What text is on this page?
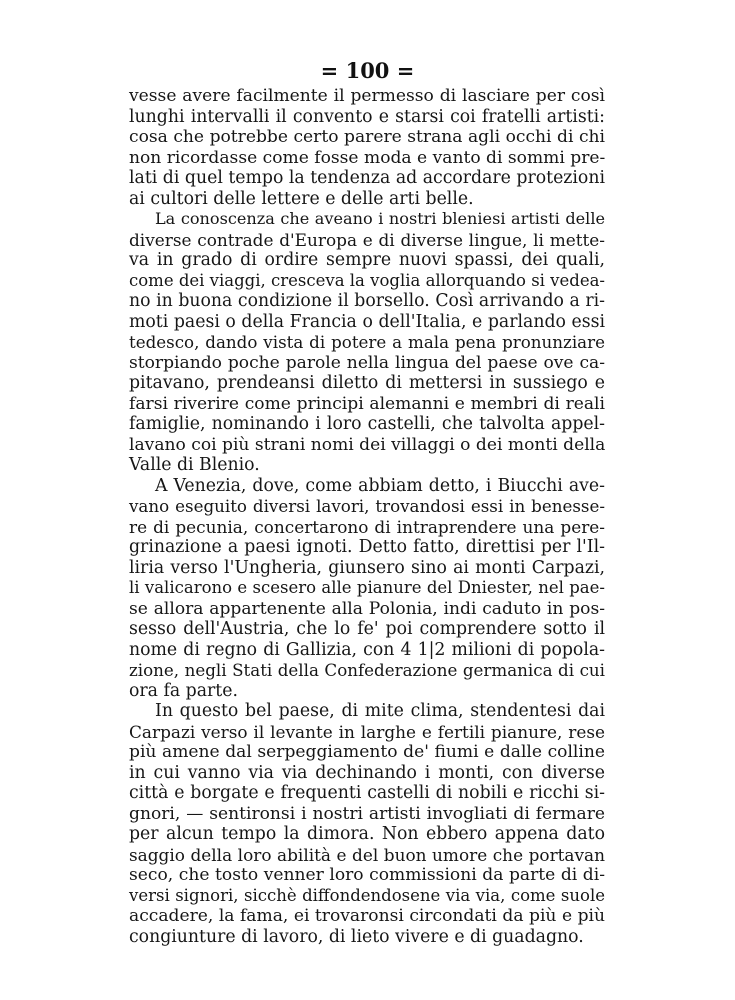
= 100 =
vesse avere facilmente il permesso di lasciare per così
lunghi intervalli il convento e starsi coi fratelli artisti:
cosa che potrebbe certo parere strana agli occhi di chi
non ricordasse come fosse moda e vanto di sommi pre-
lati di quel tempo la tendenza ad accordare protezioni
ai cultori delle lettere e delle arti belle.
La conoscenza che aveano i nostri bleniesi artisti delle
diverse contrade d'Europa e di diverse lingue, li mette-
va in grado di ordire sempre nuovi spassi, dei quali,
come dei viaggi, cresceva la voglia allorquando si vedea-
no in buona condizione il borsello. Così arrivando a ri-
moti paesi o della Francia o dell'Italia, e parlando essi
tedesco, dando vista di potere a mala pena pronunziare
storpiando poche parole nella lingua del paese ove ca-
pitavano, prendeansi diletto di mettersi in sussiego e
farsi riverire come principi alemanni e membri di reali
famiglie, nominando i loro castelli, che talvolta appel-
lavano coi più strani nomi dei villaggi o dei monti della
Valle di Blenio.
A Venezia, dove, come abbiam detto, i Biucchi ave-
vano eseguito diversi lavori, trovandosi essi in benesse-
re di pecunia, concertarono di intraprendere una pere-
grinazione a paesi ignoti. Detto fatto, direttisi per l'Il-
liria verso l'Ungheria, giunsero sino ai monti Carpazi,
li valicarono e scesero alle pianure del Dniester, nel pae-
se allora appartenente alla Polonia, indi caduto in pos-
sesso dell'Austria, che lo fe' poi comprendere sotto il
nome di regno di Gallizia, con 4 1|2 milioni di popola-
zione, negli Stati della Confederazione germanica di cui
ora fa parte.
In questo bel paese, di mite clima, stendentesi dai
Carpazi verso il levante in larghe e fertili pianure, rese
più amene dal serpeggiamento de' fiumi e dalle colline
in cui vanno via via dechinando i monti, con diverse
città e borgate e frequenti castelli di nobili e ricchi si-
gnori, — sentironsi i nostri artisti invogliati di fermare
per alcun tempo la dimora. Non ebbero appena dato
saggio della loro abilità e del buon umore che portavan
seco, che tosto venner loro commissioni da parte di di-
versi signori, sicchè diffondendosene via via, come suole
accadere, la fama, ei trovaronsi circondati da più e più
congiunture di lavoro, di lieto vivere e di guadagno.
